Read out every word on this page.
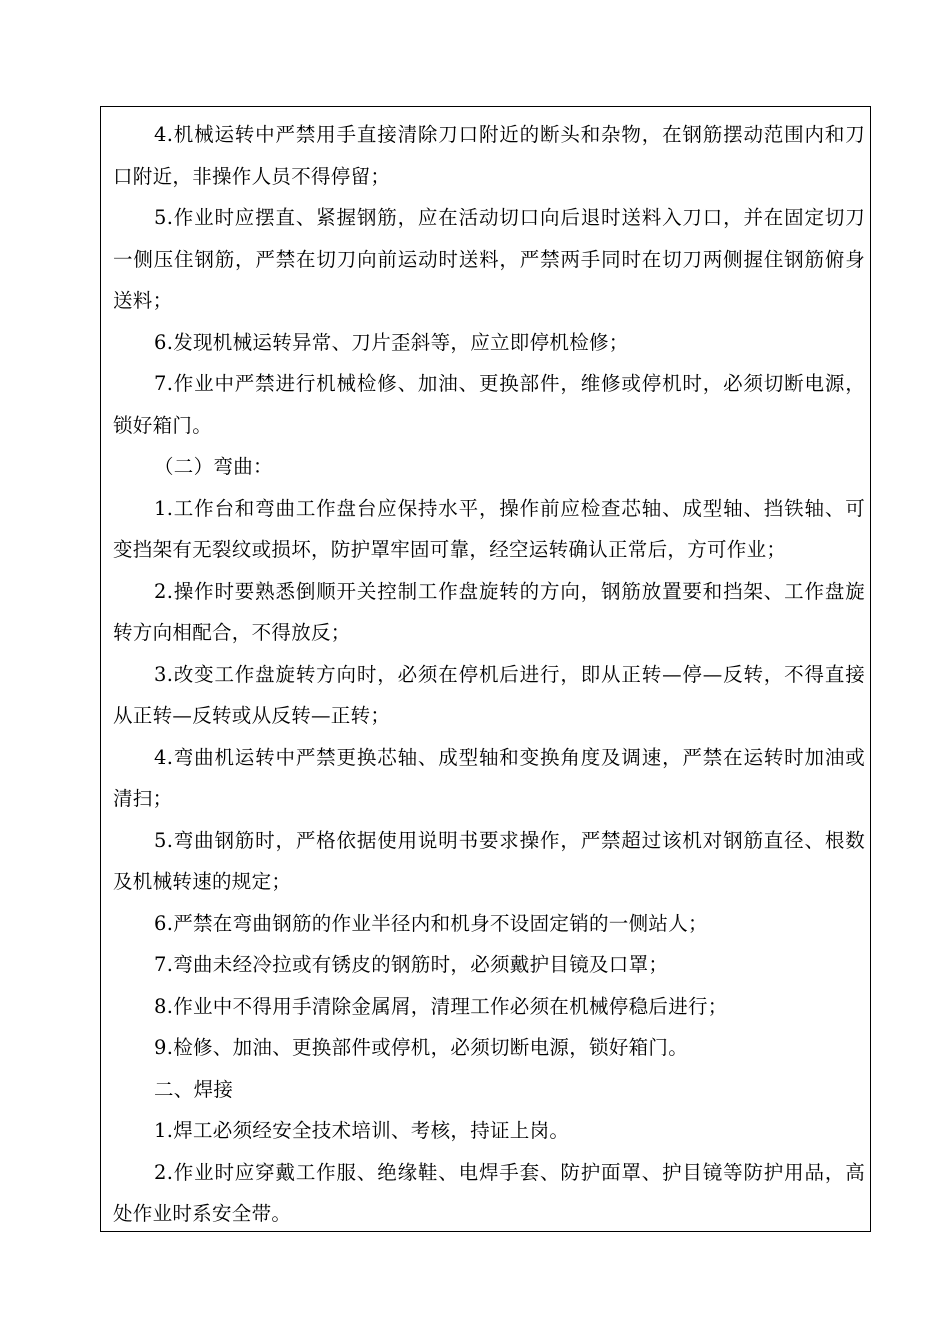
4.机械运转中严禁用手直接清除刀口附近的断头和杂物，在钢筋摆动范围内和刀口附近，非操作人员不得停留；

5.作业时应摆直、紧握钢筋，应在活动切口向后退时送料入刀口，并在固定切刀一侧压住钢筋，严禁在切刀向前运动时送料，严禁两手同时在切刀两侧握住钢筋俯身送料；

6.发现机械运转异常、刀片歪斜等，应立即停机检修；

7.作业中严禁进行机械检修、加油、更换部件，维修或停机时，必须切断电源，锁好箱门。

（二）弯曲：

1.工作台和弯曲工作盘台应保持水平，操作前应检查芯轴、成型轴、挡铁轴、可变挡架有无裂纹或损坏，防护罩牢固可靠，经空运转确认正常后，方可作业；

2.操作时要熟悉倒顺开关控制工作盘旋转的方向，钢筋放置要和挡架、工作盘旋转方向相配合，不得放反；

3.改变工作盘旋转方向时，必须在停机后进行，即从正转—停—反转，不得直接从正转—反转或从反转—正转；

4.弯曲机运转中严禁更换芯轴、成型轴和变换角度及调速，严禁在运转时加油或清扫；

5.弯曲钢筋时，严格依据使用说明书要求操作，严禁超过该机对钢筋直径、根数及机械转速的规定；

6.严禁在弯曲钢筋的作业半径内和机身不设固定销的一侧站人；

7.弯曲未经冷拉或有锈皮的钢筋时，必须戴护目镜及口罩；

8.作业中不得用手清除金属屑，清理工作必须在机械停稳后进行；

9.检修、加油、更换部件或停机，必须切断电源，锁好箱门。

二、焊接

1.焊工必须经安全技术培训、考核，持证上岗。

2.作业时应穿戴工作服、绝缘鞋、电焊手套、防护面罩、护目镜等防护用品，高处作业时系安全带。
